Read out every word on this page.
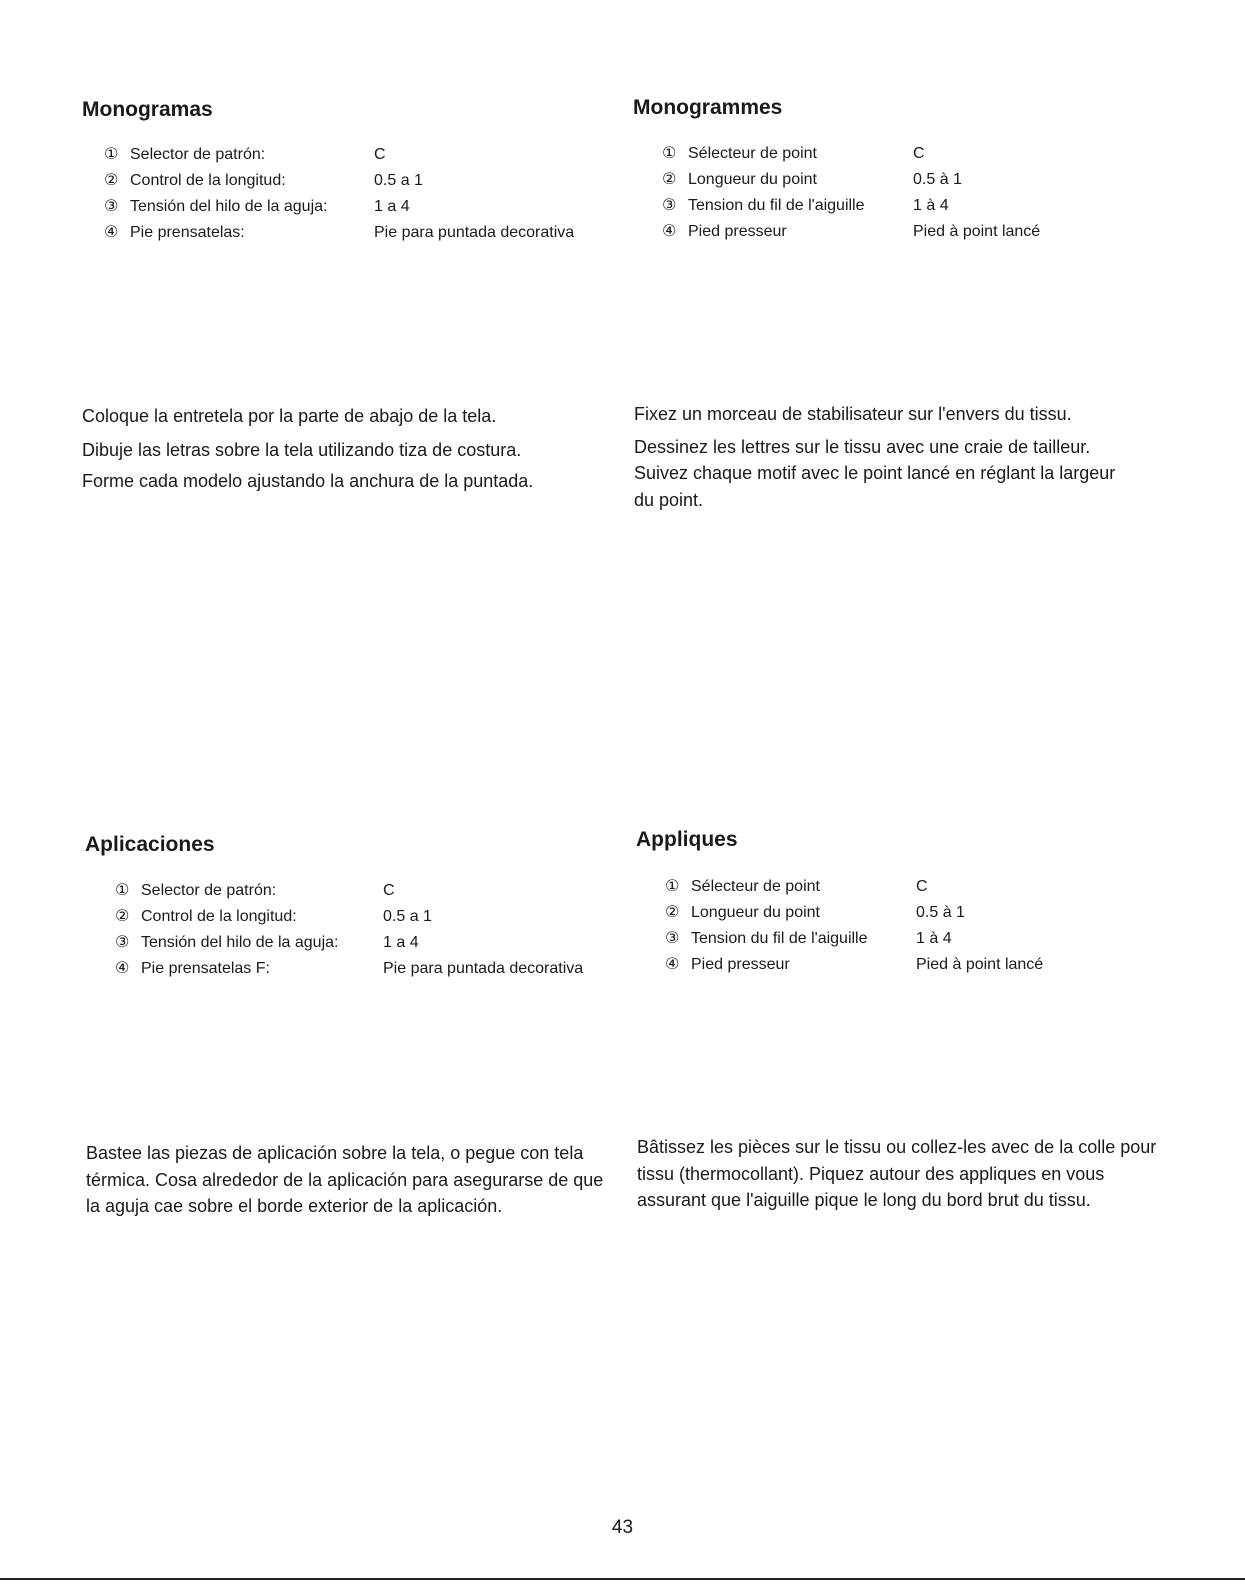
Monogramas
① Selector de patrón:	C
② Control de la longitud:	0.5 a 1
③ Tensión del hilo de la aguja:	1 a 4
④ Pie prensatelas:	Pie para puntada decorativa

Coloque la entretela por la parte de abajo de la tela.

Dibuje las letras sobre la tela utilizando tiza de costura.

Forme cada modelo ajustando la anchura de la puntada.

Monogrammes
① Sélecteur de point	C
② Longueur du point	0.5 à 1
③ Tension du fil de l'aiguille	1 à 4
④ Pied presseur	Pied à point lancé

Fixez un morceau de stabilisateur sur l'envers du tissu.

Dessinez les lettres sur le tissu avec une craie de tailleur.

Suivez chaque motif avec le point lancé en réglant la largeur du point.

Aplicaciones
① Selector de patrón:	C
② Control de la longitud:	0.5 a 1
③ Tensión del hilo de la aguja:	1 a 4
④ Pie prensatelas F:	Pie para puntada decorativa

Bastee las piezas de aplicación sobre la tela, o pegue con tela térmica. Cosa alrededor de la aplicación para asegurarse de que la aguja cae sobre el borde exterior de la aplicación.

Appliques
① Sélecteur de point	C
② Longueur du point	0.5 à 1
③ Tension du fil de l'aiguille	1 à 4
④ Pied presseur	Pied à point lancé

Bâtissez les pièces sur le tissu ou collez-les avec de la colle pour tissu (thermocollant). Piquez autour des appliques en vous assurant que l'aiguille pique le long du bord brut du tissu.

43
